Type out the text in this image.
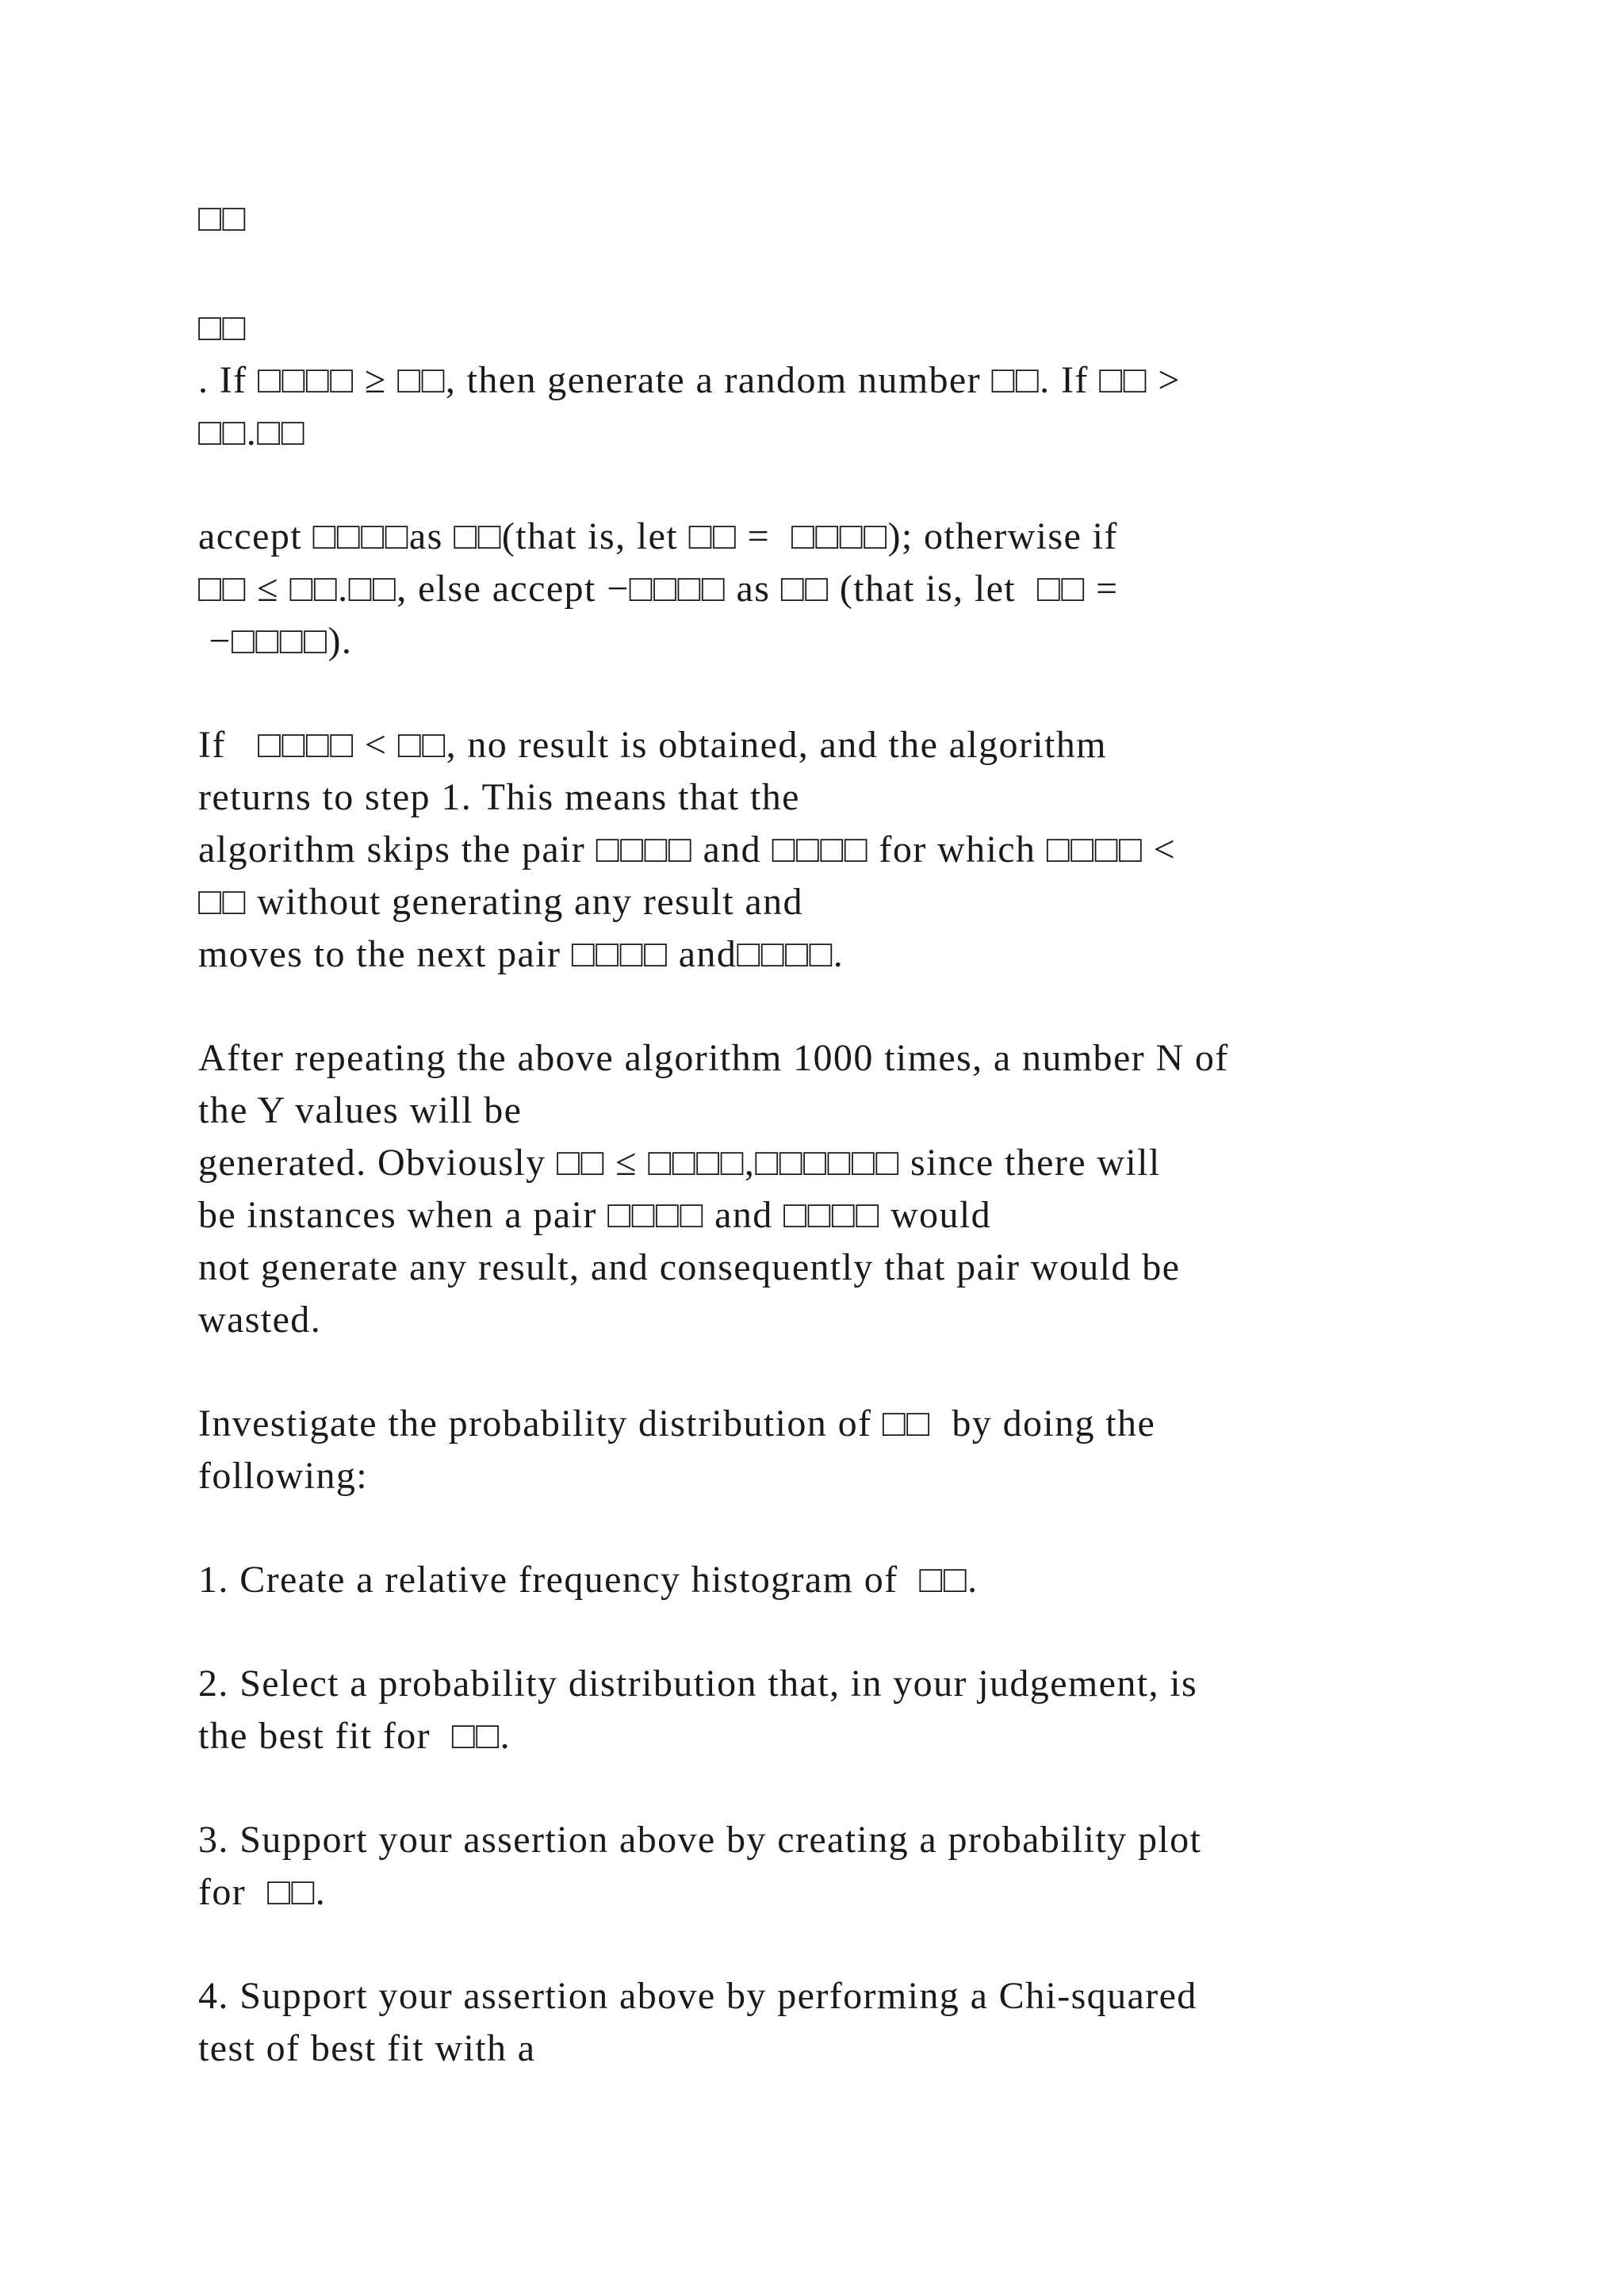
□□

□□

. If □□□□ ≥ □□, then generate a random number □□. If □□ >

□□.□□

accept □□□□as □□(that is, let □□ =  □□□□); otherwise if

□□ ≤ □□.□□, else accept −□□□□ as □□ (that is, let  □□ =

−□□□□).

If   □□□□ < □□, no result is obtained, and the algorithm

returns to step 1. This means that the

algorithm skips the pair □□□□ and □□□□ for which □□□□ <

□□ without generating any result and

moves to the next pair □□□□ and□□□□.

After repeating the above algorithm 1000 times, a number N of

the Y values will be

generated. Obviously □□ ≤ □□□□,□□□□□□ since there will

be instances when a pair □□□□ and □□□□ would

not generate any result, and consequently that pair would be

wasted.

Investigate the probability distribution of □□  by doing the

following:

1. Create a relative frequency histogram of  □□.

2. Select a probability distribution that, in your judgement, is

the best fit for  □□.

3. Support your assertion above by creating a probability plot

for  □□.

4. Support your assertion above by performing a Chi-squared

test of best fit with a
